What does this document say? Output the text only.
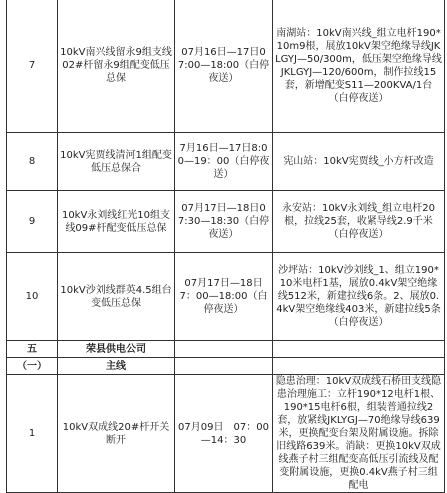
7	10kV南兴线留永9组支线02#杆留永9组配变低压总保	07月16日—17日07:00—18:00（白停夜送）	南湖站：10kV南兴线_组立电杆190*10m9根，展放10kV架空绝缘导线JKLGYJ—50/300m，低压架空绝缘导线JKLGYJ—120/600m，制作拉线15套，新增配变S11—200KVA/1台（白停夜送）
8	10kV宪贾线清河1组配变低压总保合	7月16日—17日8:00—19：00（白停夜送）	宪山站：10kV宪贾线_小方杆改造
9	10kV永刘线红光10组支线09#杆配变低压总保	07月17日—18日07:30—18:30（白停夜送）	永安站：10kV永刘线_组立电杆20根，拉线25套，收紧导线2.9千米（白停夜送）
10	10kV沙刘线群英4.5组台变低压总保	07月17日—18日7：00—18:00（白停夜送）	沙坪站：10kV沙刘线_1、组立190*10米电杆1基，展放0.4kV架空绝缘线512米，新建拉线6条。2、展放0.4kV架空绝缘线403米，新建拉线5条（白停夜送）
五	荣县供电公司		
（一）	主线		
1	10kV双成线20#杆开关断开	07月09日　07：00—14：30	隐患治理：10kV双成线石桥田支线隐患治理施工：立杆190*12电杆1根、190*15电杆6根，组装普通拉线2套，放紧线JKLYGJ—70绝缘导线639米，更换配变台架及附属设施。拆除旧线路639米。消缺：更换10kV双成线燕子村三组配变高低压引流线及配变附属设施，更换0.4kV燕子村三组配电
